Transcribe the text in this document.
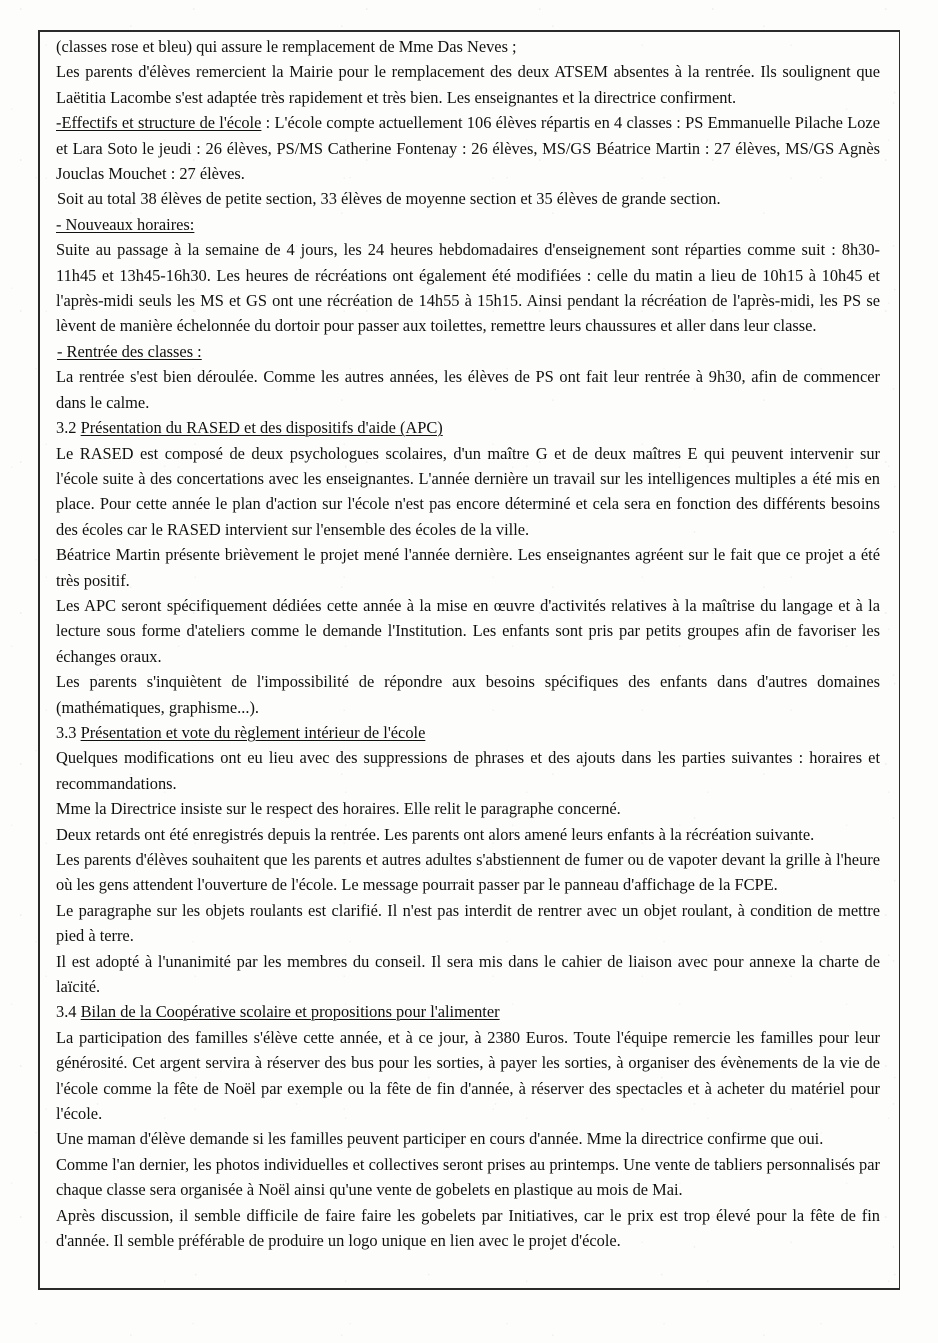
(classes rose et bleu) qui assure le remplacement de Mme Das Neves ;

Les parents d'élèves remercient la Mairie pour le remplacement des deux ATSEM absentes à la rentrée. Ils soulignent que Laëtitia Lacombe s'est adaptée très rapidement et très bien. Les enseignantes et la directrice confirment.

-Effectifs et structure de l'école : L'école compte actuellement 106 élèves répartis en 4 classes : PS Emmanuelle Pilache Loze et Lara Soto le jeudi : 26 élèves, PS/MS Catherine Fontenay : 26 élèves, MS/GS Béatrice Martin : 27 élèves, MS/GS Agnès Jouclas Mouchet : 27 élèves.

Soit au total 38 élèves de petite section, 33 élèves de moyenne section et 35 élèves de grande section.

- Nouveaux horaires:

Suite au passage à la semaine de 4 jours, les 24 heures hebdomadaires d'enseignement sont réparties comme suit : 8h30-11h45 et 13h45-16h30. Les heures de récréations ont également été modifiées : celle du matin a lieu de 10h15 à 10h45 et l'après-midi seuls les MS et GS ont une récréation de 14h55 à 15h15. Ainsi pendant la récréation de l'après-midi, les PS se lèvent de manière échelonnée du dortoir pour passer aux toilettes, remettre leurs chaussures et aller dans leur classe.

- Rentrée des classes :

La rentrée s'est bien déroulée. Comme les autres années, les élèves de PS ont fait leur rentrée à 9h30, afin de commencer dans le calme.

3.2 Présentation du RASED et des dispositifs d'aide (APC)

Le RASED est composé de deux psychologues scolaires, d'un maître G et de deux maîtres E qui peuvent intervenir sur l'école suite à des concertations avec les enseignantes. L'année dernière un travail sur les intelligences multiples a été mis en place. Pour cette année le plan d'action sur l'école n'est pas encore déterminé et cela sera en fonction des différents besoins des écoles car le RASED intervient sur l'ensemble des écoles de la ville.

Béatrice Martin présente brièvement le projet mené l'année dernière. Les enseignantes agréent sur le fait que ce projet a été très positif.

Les APC seront spécifiquement dédiées cette année à la mise en œuvre d'activités relatives à la maîtrise du langage et à la lecture sous forme d'ateliers comme le demande l'Institution. Les enfants sont pris par petits groupes afin de favoriser les échanges oraux.

Les parents s'inquiètent de l'impossibilité de répondre aux besoins spécifiques des enfants dans d'autres domaines (mathématiques, graphisme...).

3.3 Présentation et vote du règlement intérieur de l'école

Quelques modifications ont eu lieu avec des suppressions de phrases et des ajouts dans les parties suivantes : horaires et recommandations.

Mme la Directrice insiste sur le respect des horaires. Elle relit le paragraphe concerné.

Deux retards ont été enregistrés depuis la rentrée. Les parents ont alors amené leurs enfants à la récréation suivante.

Les parents d'élèves souhaitent que les parents et autres adultes s'abstiennent de fumer ou de vapoter devant la grille à l'heure où les gens attendent l'ouverture de l'école. Le message pourrait passer par le panneau d'affichage de la FCPE.

Le paragraphe sur les objets roulants est clarifié. Il n'est pas interdit de rentrer avec un objet roulant, à condition de mettre pied à terre.

Il est adopté à l'unanimité par les membres du conseil. Il sera mis dans le cahier de liaison avec pour annexe la charte de laïcité.

3.4 Bilan de la Coopérative scolaire et propositions pour l'alimenter

La participation des familles s'élève cette année, et à ce jour, à 2380 Euros. Toute l'équipe remercie les familles pour leur générosité. Cet argent servira à réserver des bus pour les sorties, à payer les sorties, à organiser des évènements de la vie de l'école comme la fête de Noël par exemple ou la fête de fin d'année, à réserver des spectacles et à acheter du matériel pour l'école.

Une maman d'élève demande si les familles peuvent participer en cours d'année. Mme la directrice confirme que oui.

Comme l'an dernier, les photos individuelles et collectives seront prises au printemps. Une vente de tabliers personnalisés par chaque classe sera organisée à Noël ainsi qu'une vente de gobelets en plastique au mois de Mai.

Après discussion, il semble difficile de faire faire les gobelets par Initiatives, car le prix est trop élevé pour la fête de fin d'année. Il semble préférable de produire un logo unique en lien avec le projet d'école.
